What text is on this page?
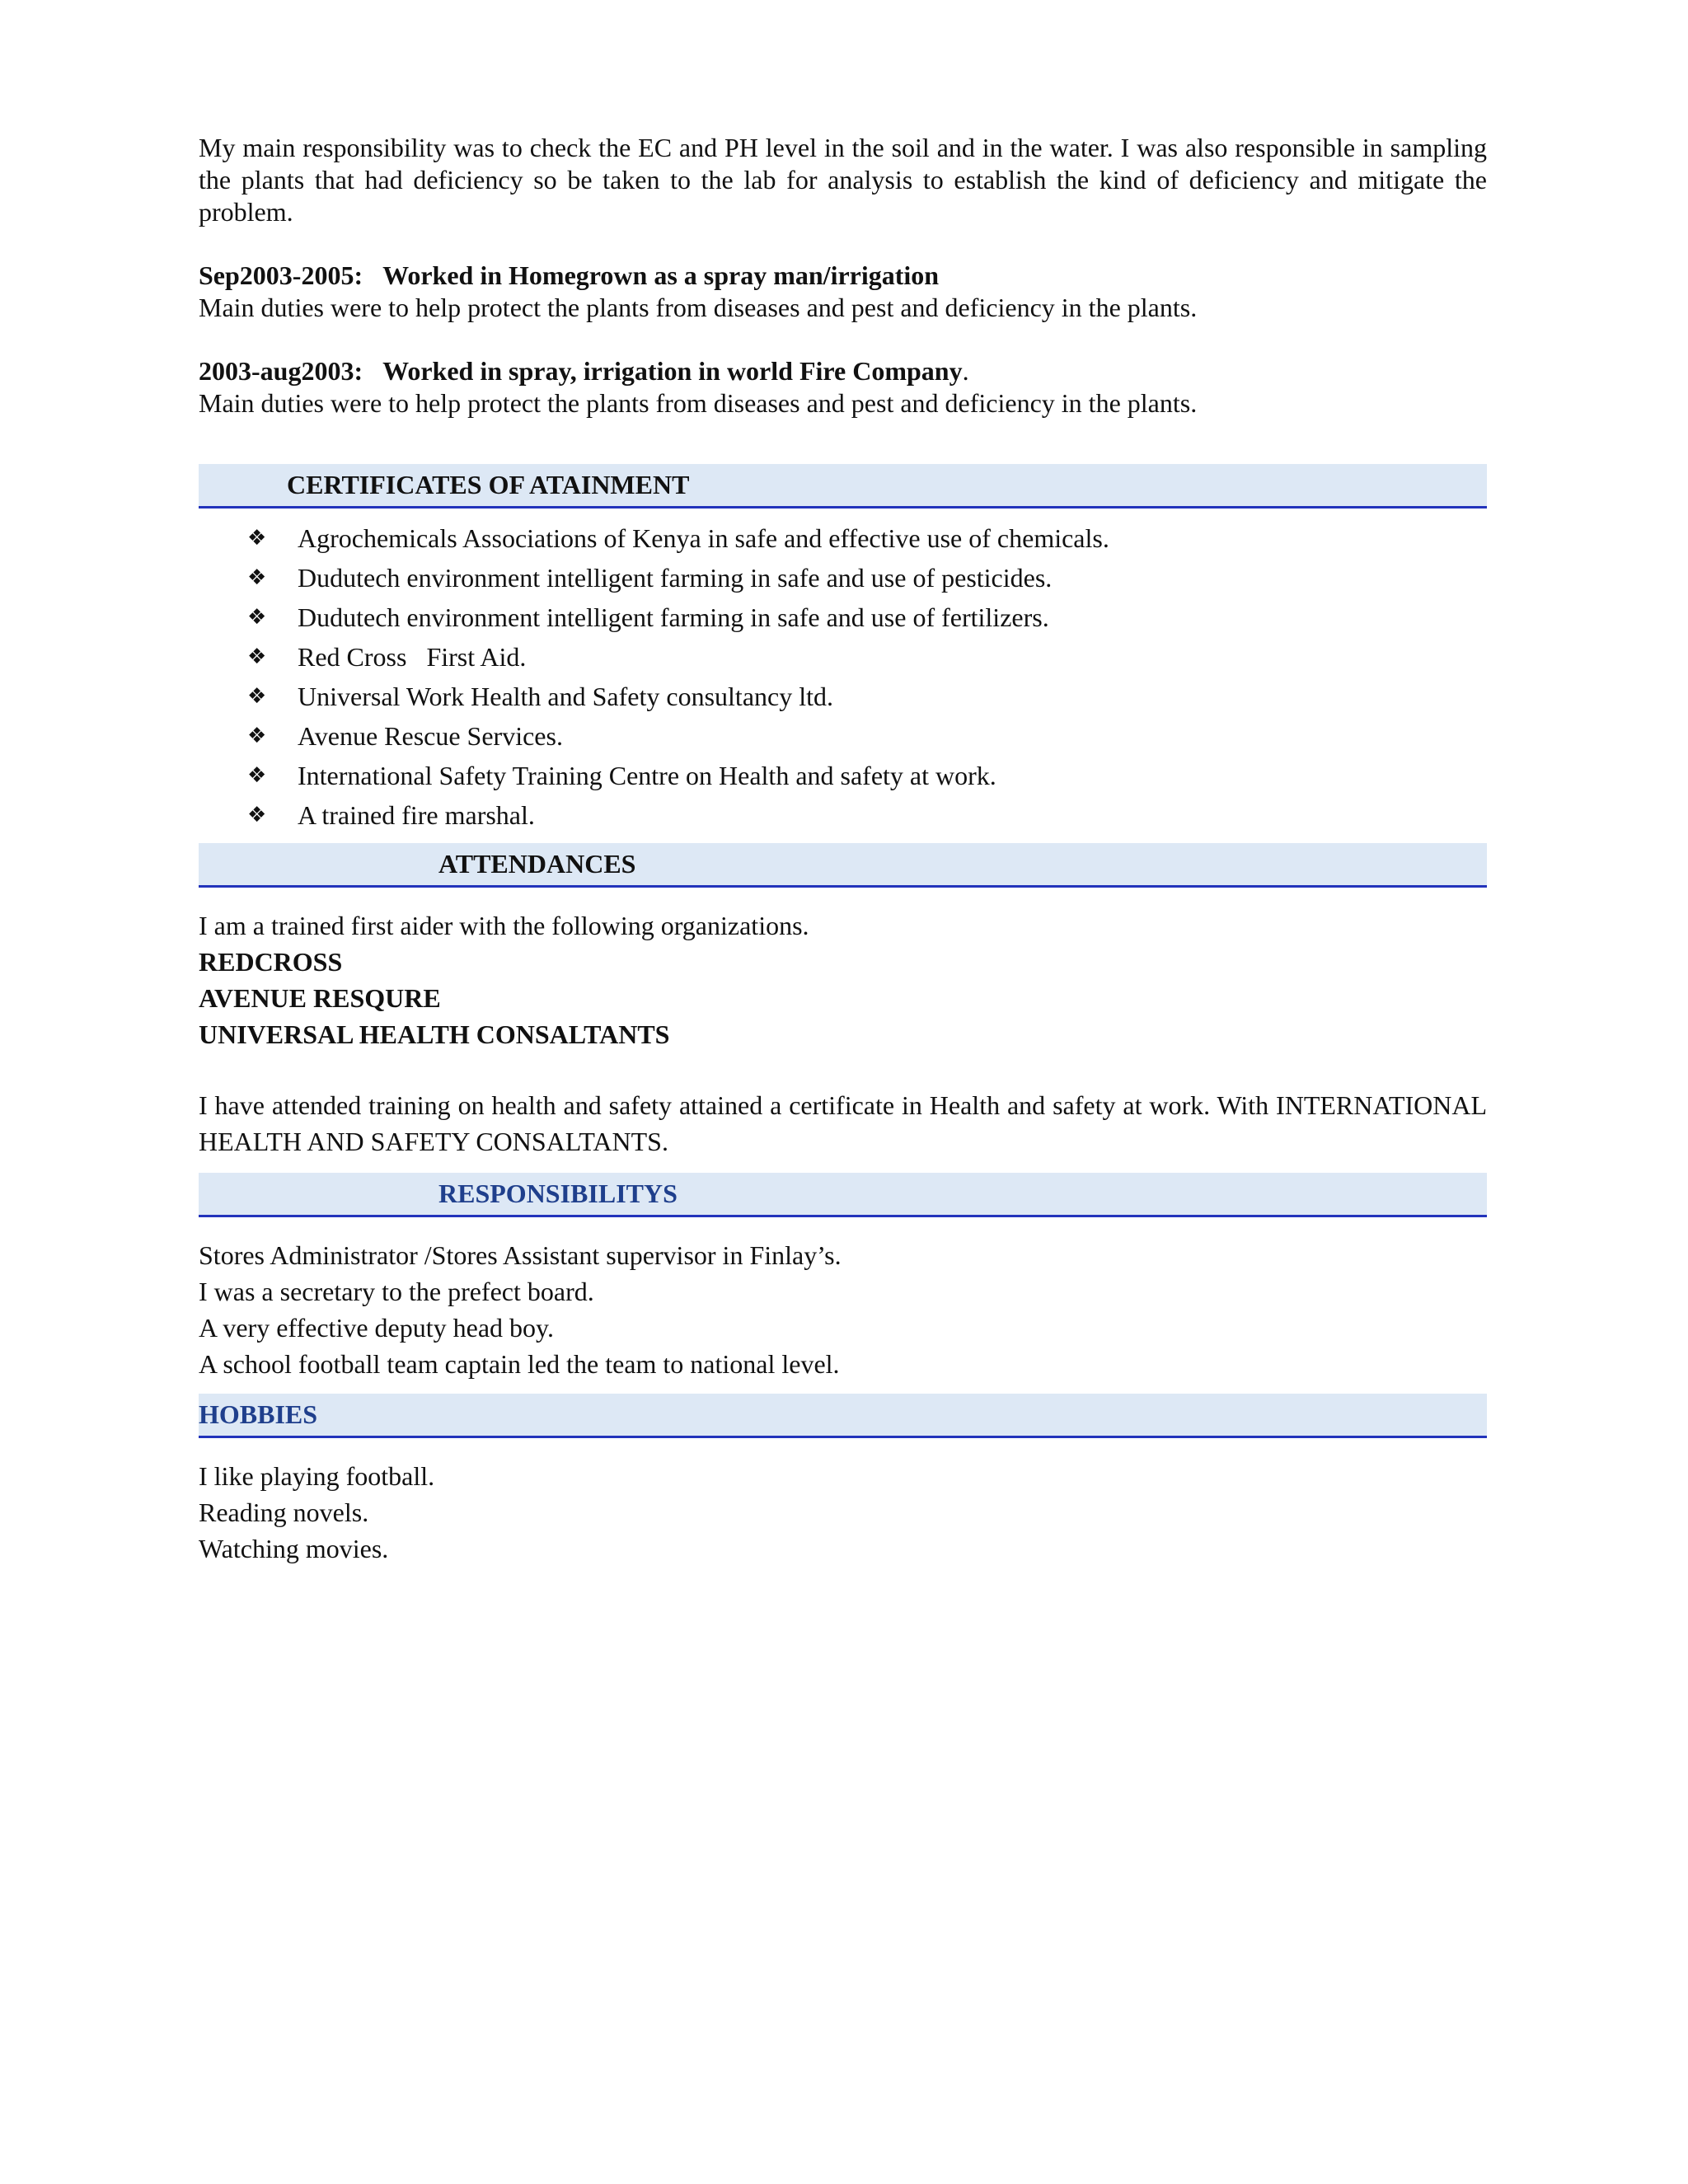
My main responsibility was to check the EC and PH level in the soil and in the water. I was also responsible in sampling the plants that had deficiency so be taken to the lab for analysis to establish the kind of deficiency and mitigate the problem.

Sep2003-2005: Worked in Homegrown as a spray man/irrigation

Main duties were to help protect the plants from diseases and pest and deficiency in the plants.

2003-aug2003: Worked in spray, irrigation in world Fire Company.

Main duties were to help protect the plants from diseases and pest and deficiency in the plants.

CERTIFICATES OF ATAINMENT
❖ Agrochemicals Associations of Kenya in safe and effective use of chemicals.
❖ Dudutech environment intelligent farming in safe and use of pesticides.
❖ Dudutech environment intelligent farming in safe and use of fertilizers.
❖ Red Cross   First Aid.
❖ Universal Work Health and Safety consultancy ltd.
❖ Avenue Rescue Services.
❖ International Safety Training Centre on Health and safety at work.
❖ A trained fire marshal.
ATTENDANCES

I am a trained first aider with the following organizations.

REDCROSS

AVENUE RESQURE

UNIVERSAL HEALTH CONSALTANTS

I have attended training on health and safety attained a certificate in Health and safety at work. With INTERNATIONAL HEALTH AND SAFETY CONSALTANTS.

RESPONSIBILITYS

Stores Administrator /Stores Assistant supervisor in Finlay’s.

I was a secretary to the prefect board.

A very effective deputy head boy.

A school football team captain led the team to national level.

HOBBIES

I like playing football.

Reading novels.

Watching movies.
